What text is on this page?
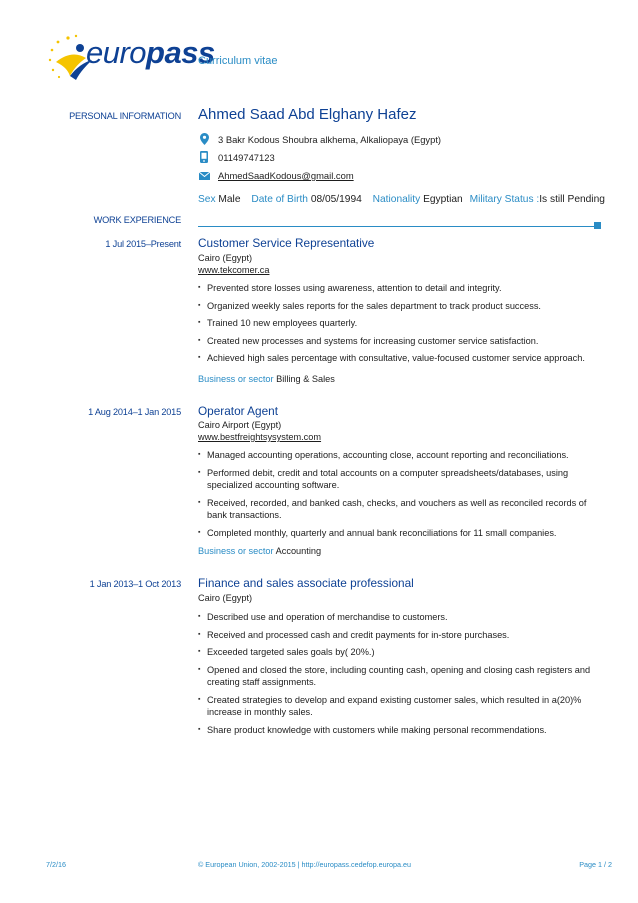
europass
Curriculum vitae
PERSONAL INFORMATION Ahmed Saad Abd Elghany Hafez
3 Bakr Kodous Shoubra alkhema, Alkaliopaya (Egypt)
01149747123
AhmedSaadKodous@gmail.com
Sex Male Date of Birth 08/05/1994 Nationality Egyptian Military Status :Is still Pending
WORK EXPERIENCE
1 Jul 2015–Present Customer Service Representative
Cairo (Egypt)
www.tekcomer.ca
▪ Prevented store losses using awareness, attention to detail and integrity.
▪ Organized weekly sales reports for the sales department to track product success.
▪ Trained 10 new employees quarterly.
▪ Created new processes and systems for increasing customer service satisfaction.
▪ Achieved high sales percentage with consultative, value-focused customer service approach.
Business or sector Billing & Sales
1 Aug 2014–1 Jan 2015 Operator Agent
Cairo Airport (Egypt)
www.bestfreightsysystem.com
▪ Managed accounting operations, accounting close, account reporting and reconciliations.
▪ Performed debit, credit and total accounts on a computer spreadsheets/databases, using specialized accounting software.
▪ Received, recorded, and banked cash, checks, and vouchers as well as reconciled records of bank transactions.
▪ Completed monthly, quarterly and annual bank reconciliations for 11 small companies.
Business or sector Accounting
1 Jan 2013–1 Oct 2013 Finance and sales associate professional
Cairo (Egypt)
▪ Described use and operation of merchandise to customers.
▪ Received and processed cash and credit payments for in-store purchases.
▪ Exceeded targeted sales goals by( 20%.)
▪ Opened and closed the store, including counting cash, opening and closing cash registers and creating staff assignments.
▪ Created strategies to develop and expand existing customer sales, which resulted in a(20)% increase in monthly sales.
▪ Share product knowledge with customers while making personal recommendations.
7/2/16	© European Union, 2002-2015 | http://europass.cedefop.europa.eu	Page 1 / 2
